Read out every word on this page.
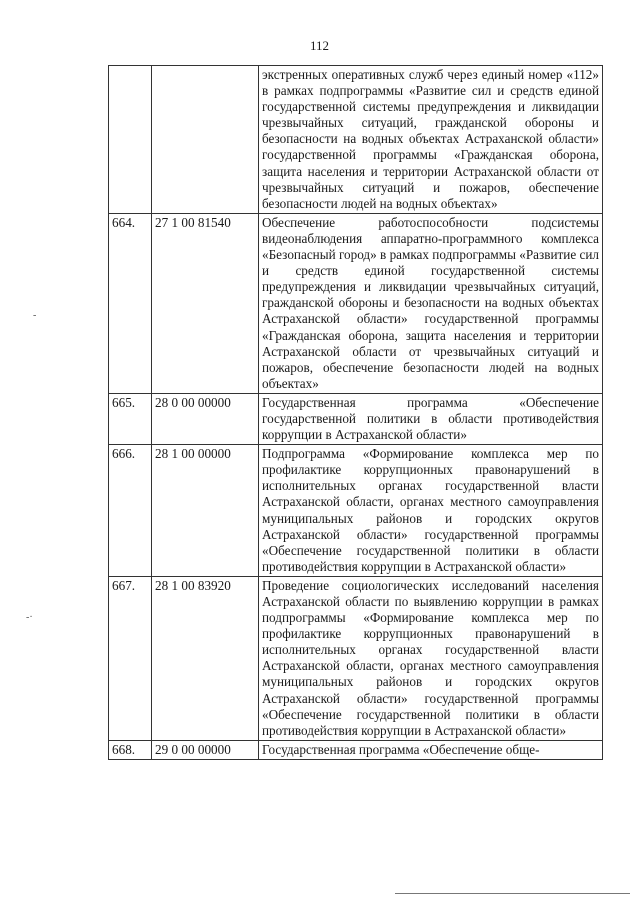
112
		экстренных оперативных служб через единый номер «112» в рамках подпрограммы «Развитие сил и средств единой государственной системы предупреждения и ликвидации чрезвычайных ситуаций, гражданской обороны и безопасности на водных объектах Астраханской области» государственной программы «Гражданская оборона, защита населения и территории Астраханской области от чрезвычайных ситуаций и пожаров, обеспечение безопасности людей на водных объектах»
664.	27 1 00 81540	Обеспечение работоспособности подсистемы видеонаблюдения аппаратно-программного комплекса «Безопасный город» в рамках подпрограммы «Развитие сил и средств единой государственной системы предупреждения и ликвидации чрезвычайных ситуаций, гражданской обороны и безопасности на водных объектах Астраханской области» государственной программы «Гражданская оборона, защита населения и территории Астраханской области от чрезвычайных ситуаций и пожаров, обеспечение безопасности людей на водных объектах»
665.	28 0 00 00000	Государственная программа «Обеспечение государственной политики в области противодействия коррупции в Астраханской области»
666.	28 1 00 00000	Подпрограмма «Формирование комплекса мер по профилактике коррупционных правонарушений в исполнительных органах государственной власти Астраханской области, органах местного самоуправления муниципальных районов и городских округов Астраханской области» государственной программы «Обеспечение государственной политики в области противодействия коррупции в Астраханской области»
667.	28 1 00 83920	Проведение социологических исследований населения Астраханской области по выявлению коррупции в рамках подпрограммы «Формирование комплекса мер по профилактике коррупционных правонарушений в исполнительных органах государственной власти Астраханской области, органах местного самоуправления муниципальных районов и городских округов Астраханской области» государственной программы «Обеспечение государственной политики в области противодействия коррупции в Астраханской области»
668.	29 0 00 00000	Государственная программа «Обеспечение обще-
‑
‑·
